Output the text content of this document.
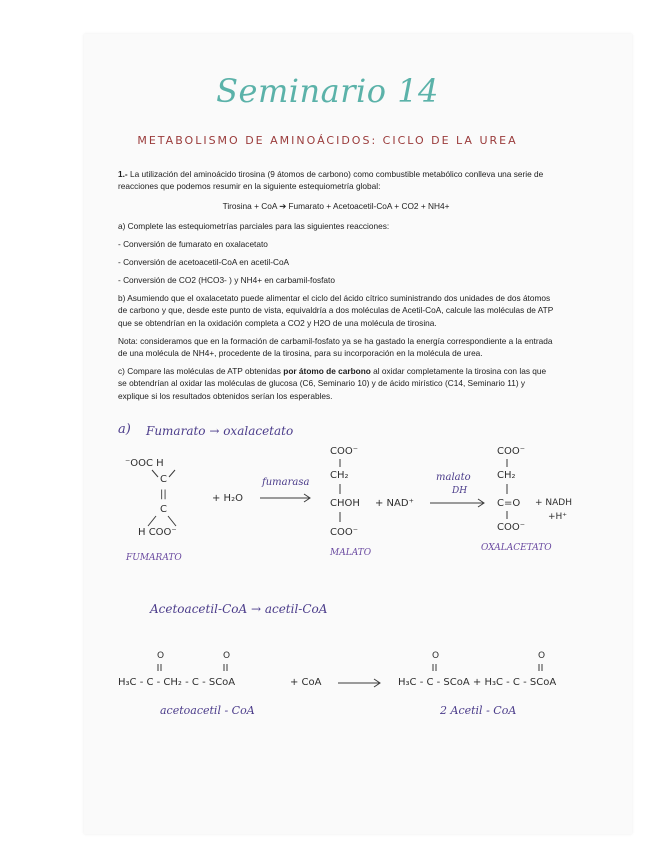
Seminario 14
METABOLISMO DE AMINOÁCIDOS: CICLO DE LA UREA
1.- La utilización del aminoácido tirosina (9 átomos de carbono) como combustible metabólico conlleva una serie de reacciones que podemos resumir en la siguiente estequiometría global:
Tirosina + CoA ➔ Fumarato + Acetoacetil-CoA + CO2 + NH4+
a) Complete las estequiometrías parciales para las siguientes reacciones:
- Conversión de fumarato en oxalacetato
- Conversión de acetoacetil-CoA en acetil-CoA
- Conversión de CO2 (HCO3- ) y NH4+ en carbamil-fosfato
b) Asumiendo que el oxalacetato puede alimentar el ciclo del ácido cítrico suministrando dos unidades de dos átomos de carbono y que, desde este punto de vista, equivaldría a dos moléculas de Acetil-CoA, calcule las moléculas de ATP que se obtendrían en la oxidación completa a CO2 y H2O de una molécula de tirosina.
Nota: consideramos que en la formación de carbamil-fosfato ya se ha gastado la energía correspondiente a la entrada de una molécula de NH4+, procedente de la tirosina, para su incorporación en la molécula de urea.
c) Compare las moléculas de ATP obtenidas por átomo de carbono al oxidar completamente la tirosina con las que se obtendrían al oxidar las moléculas de glucosa (C6, Seminario 10) y de ácido mirístico (C14, Seminario 11) y explique si los resultados obtenidos serían los esperables.
a) Fumarato → oxalacetato
⁻OOC H
C
||
C
H COO⁻
FUMARATO
+ H₂O
fumarasa
COO⁻
CH₂
CHOH
COO⁻
MALATO
+ NAD⁺
malato
DH
COO⁻
CH₂
C=O
COO⁻
OXALACETATO
+ NADH
+H⁺
Acetoacetil-CoA → acetil-CoA
H₃C - C - CH₂ - C - SCoA
O	O
+ CoA	H₃C - C - SCoA + H₃C - C - SCoA
O	O
acetoacetil - CoA	2 Acetil - CoA
